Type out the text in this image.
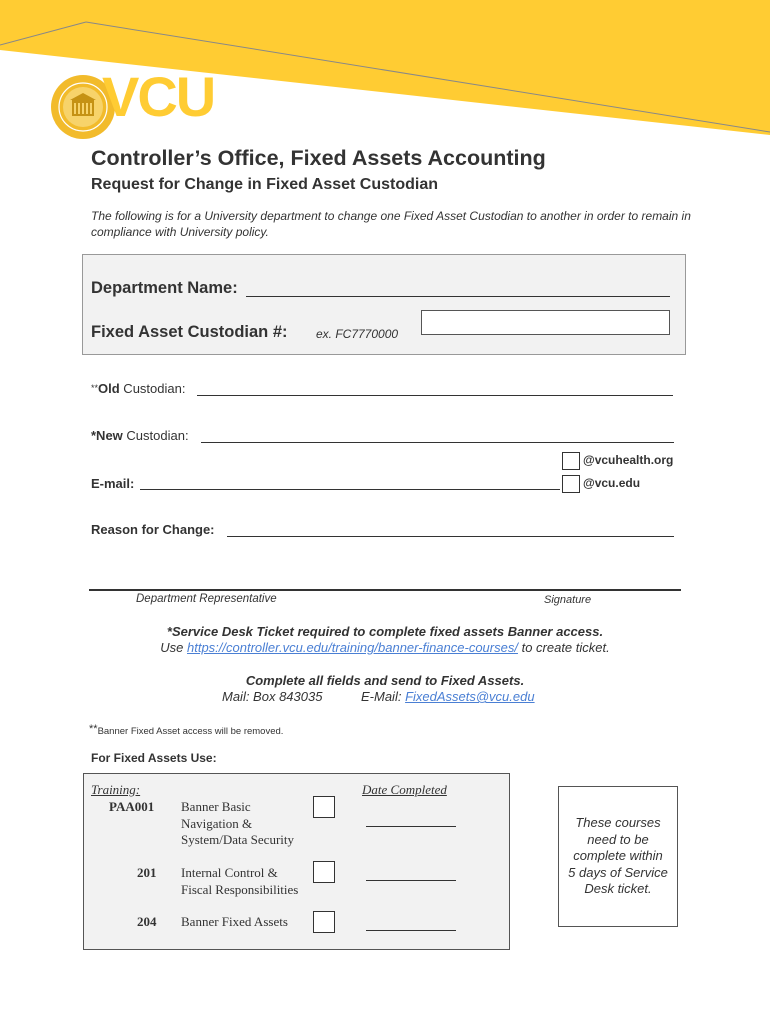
VCU
Controller’s Office, Fixed Assets Accounting
Request for Change in Fixed Asset Custodian
The following is for a University department to change one Fixed Asset Custodian to another in order to remain in compliance with University policy.
Department Name:
Fixed Asset Custodian #: ex. FC7770000
**Old Custodian:
*New Custodian:
@vcuhealth.org
E-mail:	@vcu.edu
Reason for Change:
Department Representative	Signature
*Service Desk Ticket required to complete fixed assets Banner access.
Use https://controller.vcu.edu/training/banner-finance-courses/ to create ticket.
Complete all fields and send to Fixed Assets.
Mail: Box 843035	E-Mail: FixedAssets@vcu.edu
**Banner Fixed Asset access will be removed.
For Fixed Assets Use:
Training:	Date Completed
PAA001 Banner Basic
Navigation &
System/Data Security
201 Internal Control &
Fiscal Responsibilities
204 Banner Fixed Assets
These courses need to be complete within 5 days of Service Desk ticket.
